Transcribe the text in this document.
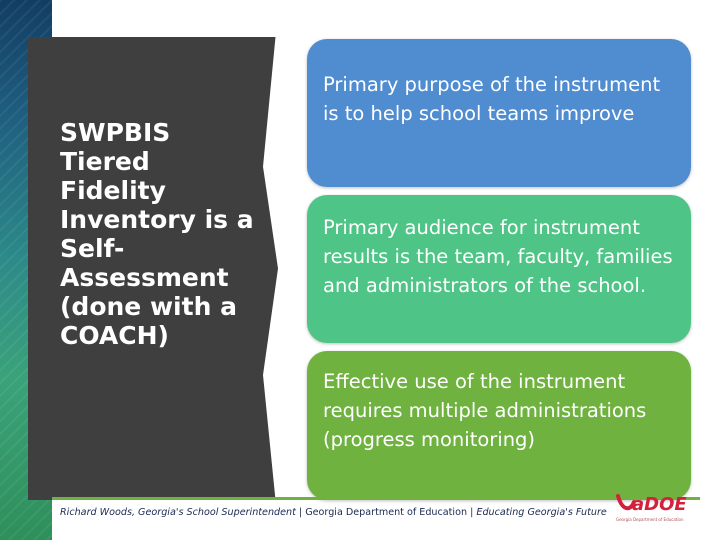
SWPBIS Tiered Fidelity Inventory is a Self-Assessment (done with a COACH)
Primary purpose of the instrument is to help school teams improve
Primary audience for instrument results is the team, faculty, families and administrators of the school.
Effective use of the instrument requires multiple administrations (progress monitoring)
Richard Woods, Georgia's School Superintendent | Georgia Department of Education | Educating Georgia's Future aDOE
Georgia Department of Education
